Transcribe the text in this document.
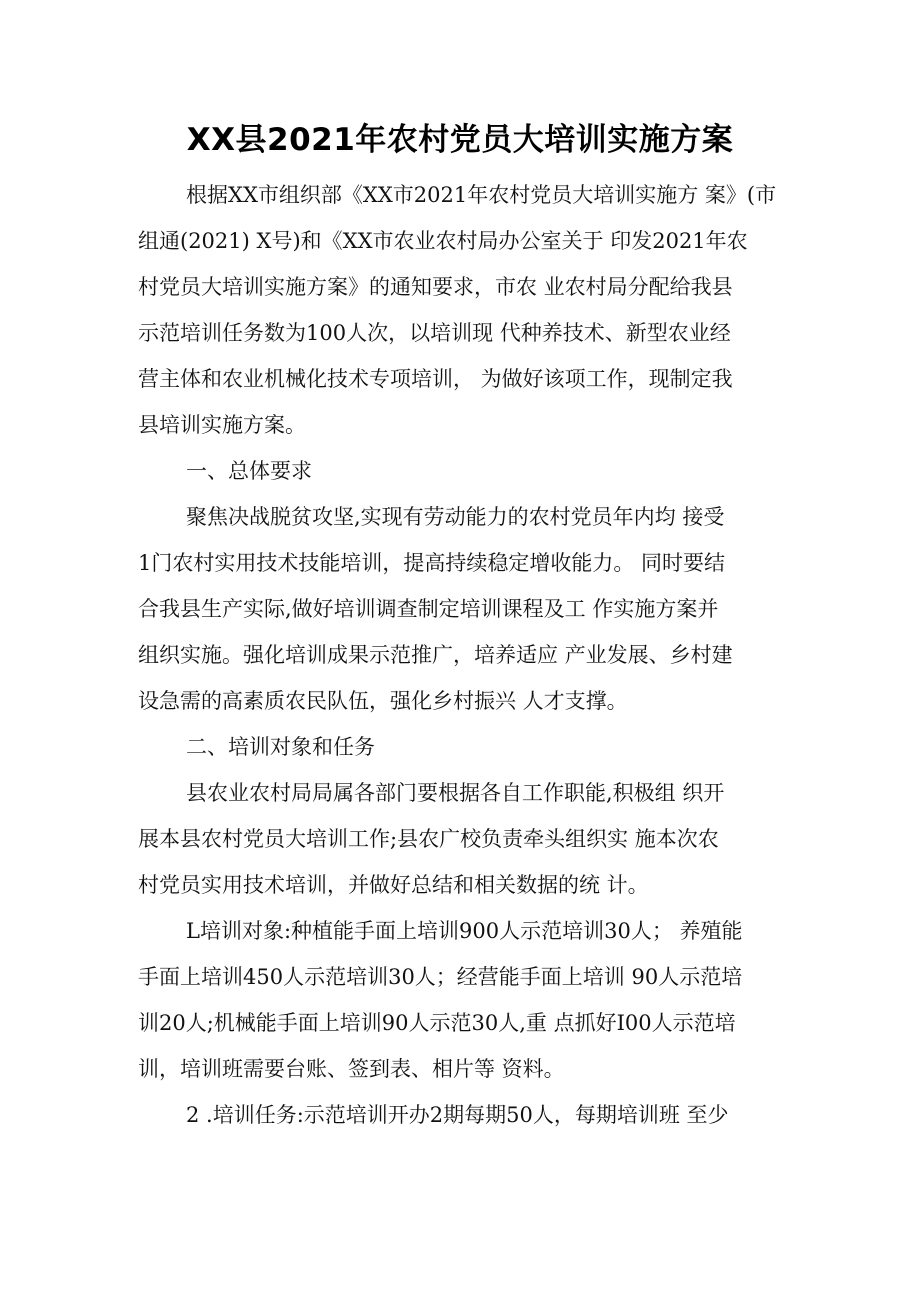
XX县2021年农村党员大培训实施方案
根据XX市组织部《XX市2021年农村党员大培训实施方 案》(市
组通(2021) X号)和《XX市农业农村局办公室关于 印发2021年农
村党员大培训实施方案》的通知要求，市农 业农村局分配给我县
示范培训任务数为100人次，以培训现 代种养技术、新型农业经
营主体和农业机械化技术专项培训， 为做好该项工作，现制定我
县培训实施方案。
一、总体要求
聚焦决战脱贫攻坚,实现有劳动能力的农村党员年内均 接受
1门农村实用技术技能培训，提高持续稳定增收能力。 同时要结
合我县生产实际,做好培训调查制定培训课程及工 作实施方案并
组织实施。强化培训成果示范推广，培养适应 产业发展、乡村建
设急需的高素质农民队伍，强化乡村振兴 人才支撑。
二、培训对象和任务
县农业农村局局属各部门要根据各自工作职能,积极组 织开
展本县农村党员大培训工作;县农广校负责牵头组织实 施本次农
村党员实用技术培训，并做好总结和相关数据的统 计。
L培训对象:种植能手面上培训900人示范培训30人； 养殖能
手面上培训450人示范培训30人；经营能手面上培训 90人示范培
训20人;机械能手面上培训90人示范30人,重 点抓好I00人示范培
训，培训班需要台账、签到表、相片等 资料。
2 .培训任务:示范培训开办2期每期50人，每期培训班 至少
